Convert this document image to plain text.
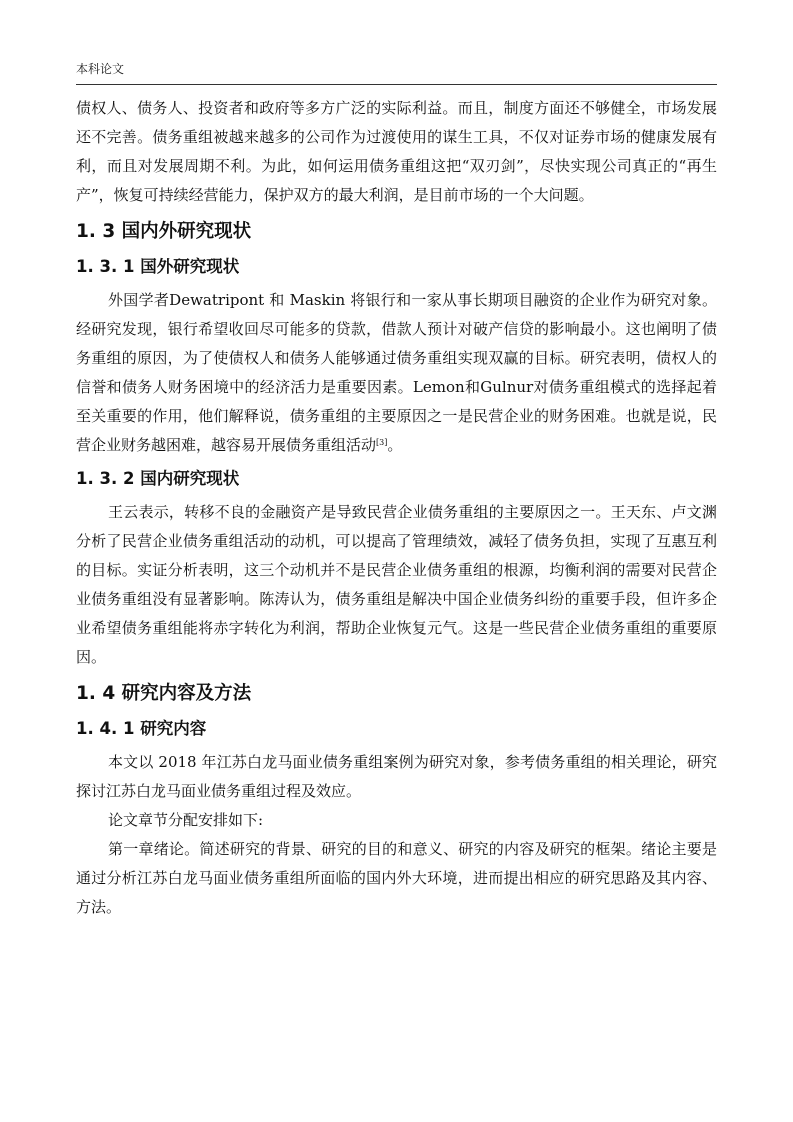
本科论文

债权人、债务人、投资者和政府等多方广泛的实际利益。而且，制度方面还不够健全，市场发展还不完善。债务重组被越来越多的公司作为过渡使用的谋生工具，不仅对证券市场的健康发展有利，而且对发展周期不利。为此，如何运用债务重组这把“双刃剑”，尽快实现公司真正的“再生产”，恢复可持续经营能力，保护双方的最大利润，是目前市场的一个大问题。

1. 3 国内外研究现状
1. 3. 1 国外研究现状

外国学者Dewatripont 和 Maskin 将银行和一家从事长期项目融资的企业作为研究对象。经研究发现，银行希望收回尽可能多的贷款，借款人预计对破产信贷的影响最小。这也阐明了债务重组的原因，为了使债权人和债务人能够通过债务重组实现双赢的目标。研究表明，债权人的信誉和债务人财务困境中的经济活力是重要因素。Lemon和Gulnur对债务重组模式的选择起着至关重要的作用，他们解释说，债务重组的主要原因之一是民营企业的财务困难。也就是说，民营企业财务越困难，越容易开展债务重组活动[3]。

1. 3. 2 国内研究现状

王云表示，转移不良的金融资产是导致民营企业债务重组的主要原因之一。王天东、卢文渊分析了民营企业债务重组活动的动机，可以提高了管理绩效，减轻了债务负担，实现了互惠互利的目标。实证分析表明，这三个动机并不是民营企业债务重组的根源，均衡利润的需要对民营企业债务重组没有显著影响。陈涛认为，债务重组是解决中国企业债务纠纷的重要手段，但许多企业希望债务重组能将赤字转化为利润，帮助企业恢复元气。这是一些民营企业债务重组的重要原因。

1. 4 研究内容及方法
1. 4. 1 研究内容

本文以 2018 年江苏白龙马面业债务重组案例为研究对象，参考债务重组的相关理论，研究探讨江苏白龙马面业债务重组过程及效应。

论文章节分配安排如下:

第一章绪论。简述研究的背景、研究的目的和意义、研究的内容及研究的框架。绪论主要是通过分析江苏白龙马面业债务重组所面临的国内外大环境，进而提出相应的研究思路及其内容、方法。
